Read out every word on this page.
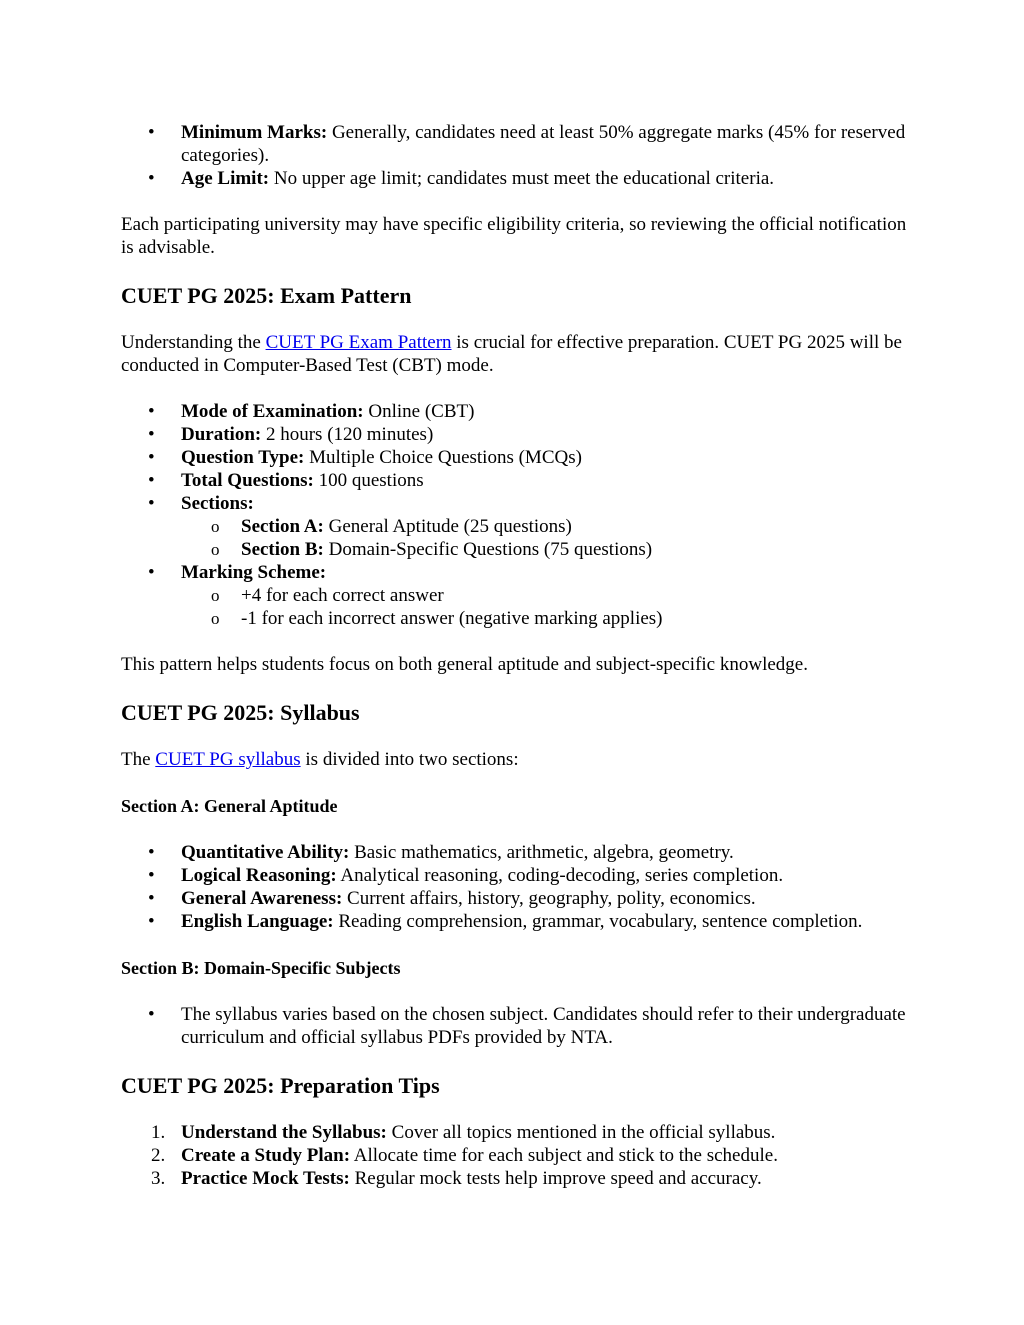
• Minimum Marks: Generally, candidates need at least 50% aggregate marks (45% for reserved categories).
• Age Limit: No upper age limit; candidates must meet the educational criteria.

Each participating university may have specific eligibility criteria, so reviewing the official notification is advisable.

CUET PG 2025: Exam Pattern

Understanding the CUET PG Exam Pattern is crucial for effective preparation. CUET PG 2025 will be conducted in Computer-Based Test (CBT) mode.

• Mode of Examination: Online (CBT)
• Duration: 2 hours (120 minutes)
• Question Type: Multiple Choice Questions (MCQs)
• Total Questions: 100 questions
• Sections:
o Section A: General Aptitude (25 questions)
o Section B: Domain-Specific Questions (75 questions)
• Marking Scheme:
o +4 for each correct answer
o -1 for each incorrect answer (negative marking applies)

This pattern helps students focus on both general aptitude and subject-specific knowledge.

CUET PG 2025: Syllabus

The CUET PG syllabus is divided into two sections:

Section A: General Aptitude
• Quantitative Ability: Basic mathematics, arithmetic, algebra, geometry.
• Logical Reasoning: Analytical reasoning, coding-decoding, series completion.
• General Awareness: Current affairs, history, geography, polity, economics.
• English Language: Reading comprehension, grammar, vocabulary, sentence completion.
Section B: Domain-Specific Subjects
• The syllabus varies based on the chosen subject. Candidates should refer to their undergraduate curriculum and official syllabus PDFs provided by NTA.
CUET PG 2025: Preparation Tips
1. Understand the Syllabus: Cover all topics mentioned in the official syllabus.
2. Create a Study Plan: Allocate time for each subject and stick to the schedule.
3. Practice Mock Tests: Regular mock tests help improve speed and accuracy.
